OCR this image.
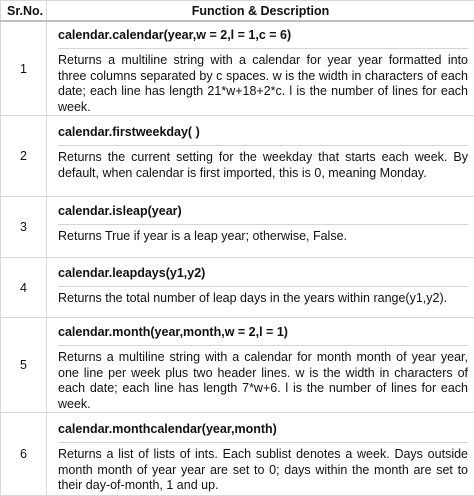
Sr.No.	Function & Description
1	calendar.calendar(year,w = 2,l = 1,c = 6)
Returns a multiline string with a calendar for year year formatted into three columns separated by c spaces. w is the width in characters of each date; each line has length 21*w+18+2*c. l is the number of lines for each week.

2	calendar.firstweekday( )
Returns the current setting for the weekday that starts each week. By default, when calendar is first imported, this is 0, meaning Monday.

3	calendar.isleap(year)
Returns True if year is a leap year; otherwise, False.

4	calendar.leapdays(y1,y2)
Returns the total number of leap days in the years within range(y1,y2).

5	calendar.month(year,month,w = 2,l = 1)
Returns a multiline string with a calendar for month month of year year, one line per week plus two header lines. w is the width in characters of each date; each line has length 7*w+6. l is the number of lines for each week.

6	calendar.monthcalendar(year,month)
Returns a list of lists of ints. Each sublist denotes a week. Days outside month month of year year are set to 0; days within the month are set to their day-of-month, 1 and up.
